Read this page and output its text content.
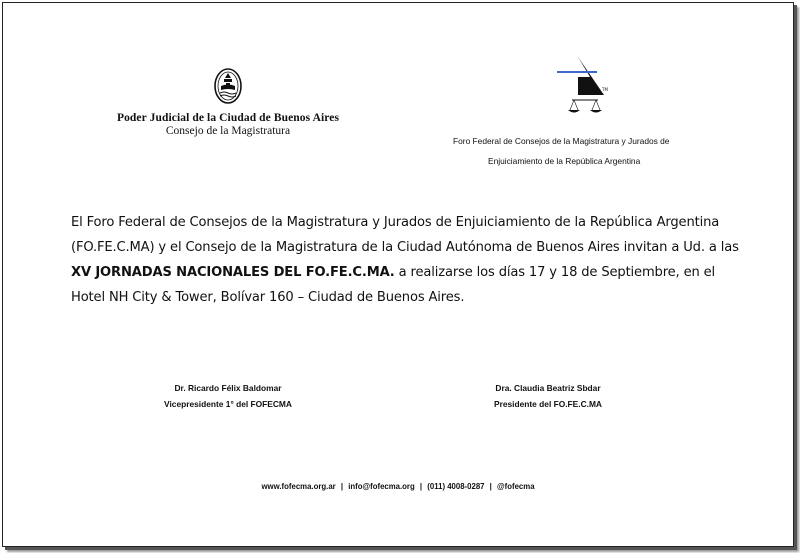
Poder Judicial de la Ciudad de Buenos Aires
Consejo de la Magistratura
TM
Foro Federal de Consejos de la Magistratura y Jurados de
Enjuiciamiento de la República Argentina
El Foro Federal de Consejos de la Magistratura y Jurados de Enjuiciamiento de la República Argentina (FO.FE.C.MA) y el Consejo de la Magistratura de la Ciudad Autónoma de Buenos Aires invitan a Ud. a las XV JORNADAS NACIONALES DEL FO.FE.C.MA. a realizarse los días 17 y 18 de Septiembre, en el Hotel NH City & Tower, Bolívar 160 – Ciudad de Buenos Aires.
Dr. Ricardo Félix Baldomar
Vicepresidente 1° del FOFECMA
Dra. Claudia Beatriz Sbdar
Presidente del FO.FE.C.MA
www.fofecma.org.ar | info@fofecma.org | (011) 4008-0287 | @fofecma
